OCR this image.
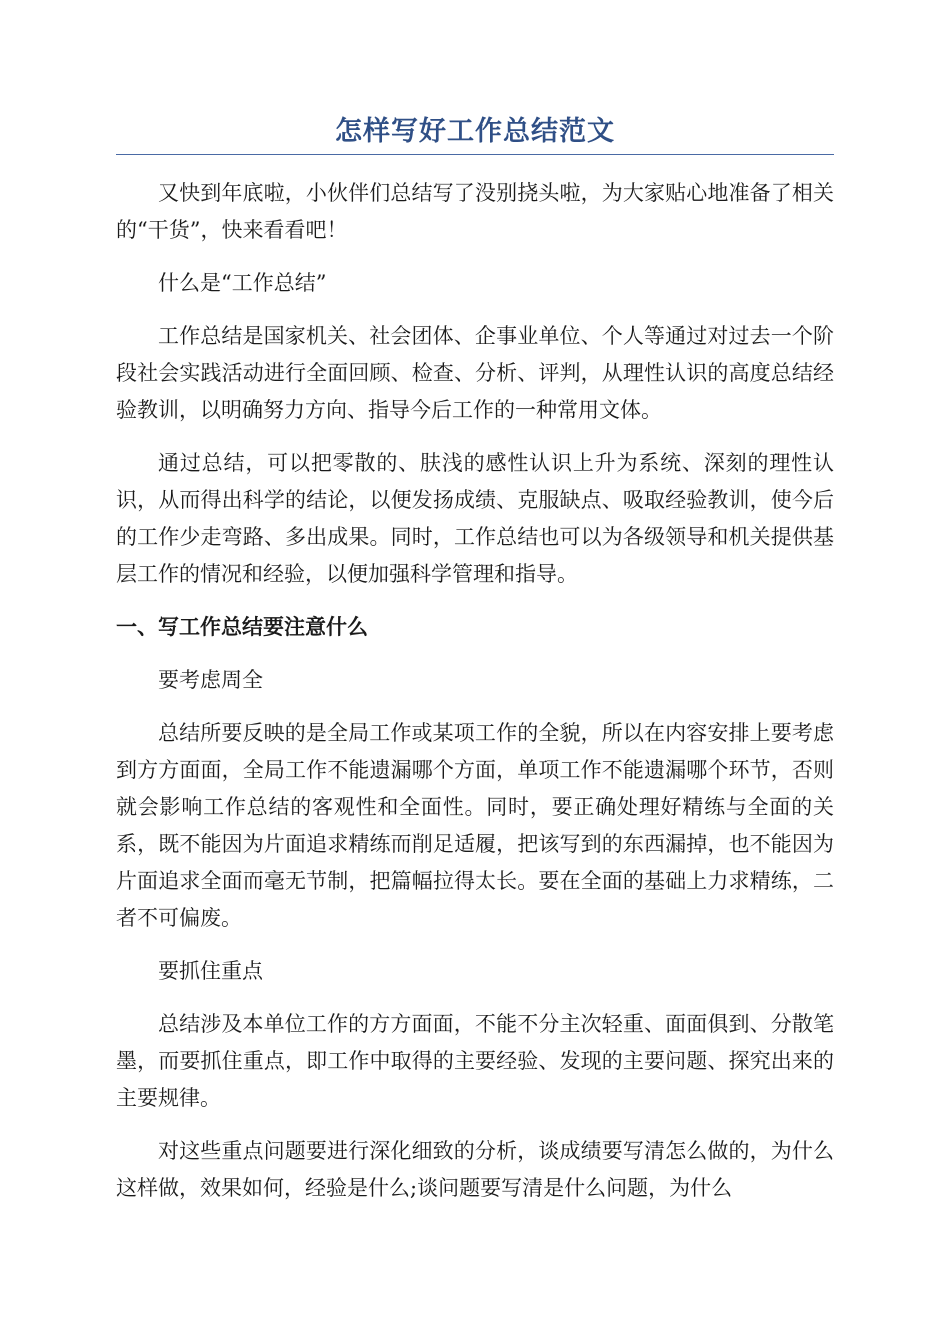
怎样写好工作总结范文

又快到年底啦，小伙伴们总结写了没别挠头啦，为大家贴心地准备了相关的“干货”，快来看看吧！

什么是“工作总结”

工作总结是国家机关、社会团体、企事业单位、个人等通过对过去一个阶段社会实践活动进行全面回顾、检查、分析、评判，从理性认识的高度总结经验教训，以明确努力方向、指导今后工作的一种常用文体。

通过总结，可以把零散的、肤浅的感性认识上升为系统、深刻的理性认识，从而得出科学的结论，以便发扬成绩、克服缺点、吸取经验教训，使今后的工作少走弯路、多出成果。同时，工作总结也可以为各级领导和机关提供基层工作的情况和经验，以便加强科学管理和指导。

一、写工作总结要注意什么

要考虑周全

总结所要反映的是全局工作或某项工作的全貌，所以在内容安排上要考虑到方方面面，全局工作不能遗漏哪个方面，单项工作不能遗漏哪个环节，否则就会影响工作总结的客观性和全面性。同时，要正确处理好精练与全面的关系，既不能因为片面追求精练而削足适履，把该写到的东西漏掉，也不能因为片面追求全面而毫无节制，把篇幅拉得太长。要在全面的基础上力求精练，二者不可偏废。

要抓住重点

总结涉及本单位工作的方方面面，不能不分主次轻重、面面俱到、分散笔墨，而要抓住重点，即工作中取得的主要经验、发现的主要问题、探究出来的主要规律。

对这些重点问题要进行深化细致的分析，谈成绩要写清怎么做的，为什么这样做，效果如何，经验是什么;谈问题要写清是什么问题，为什么
